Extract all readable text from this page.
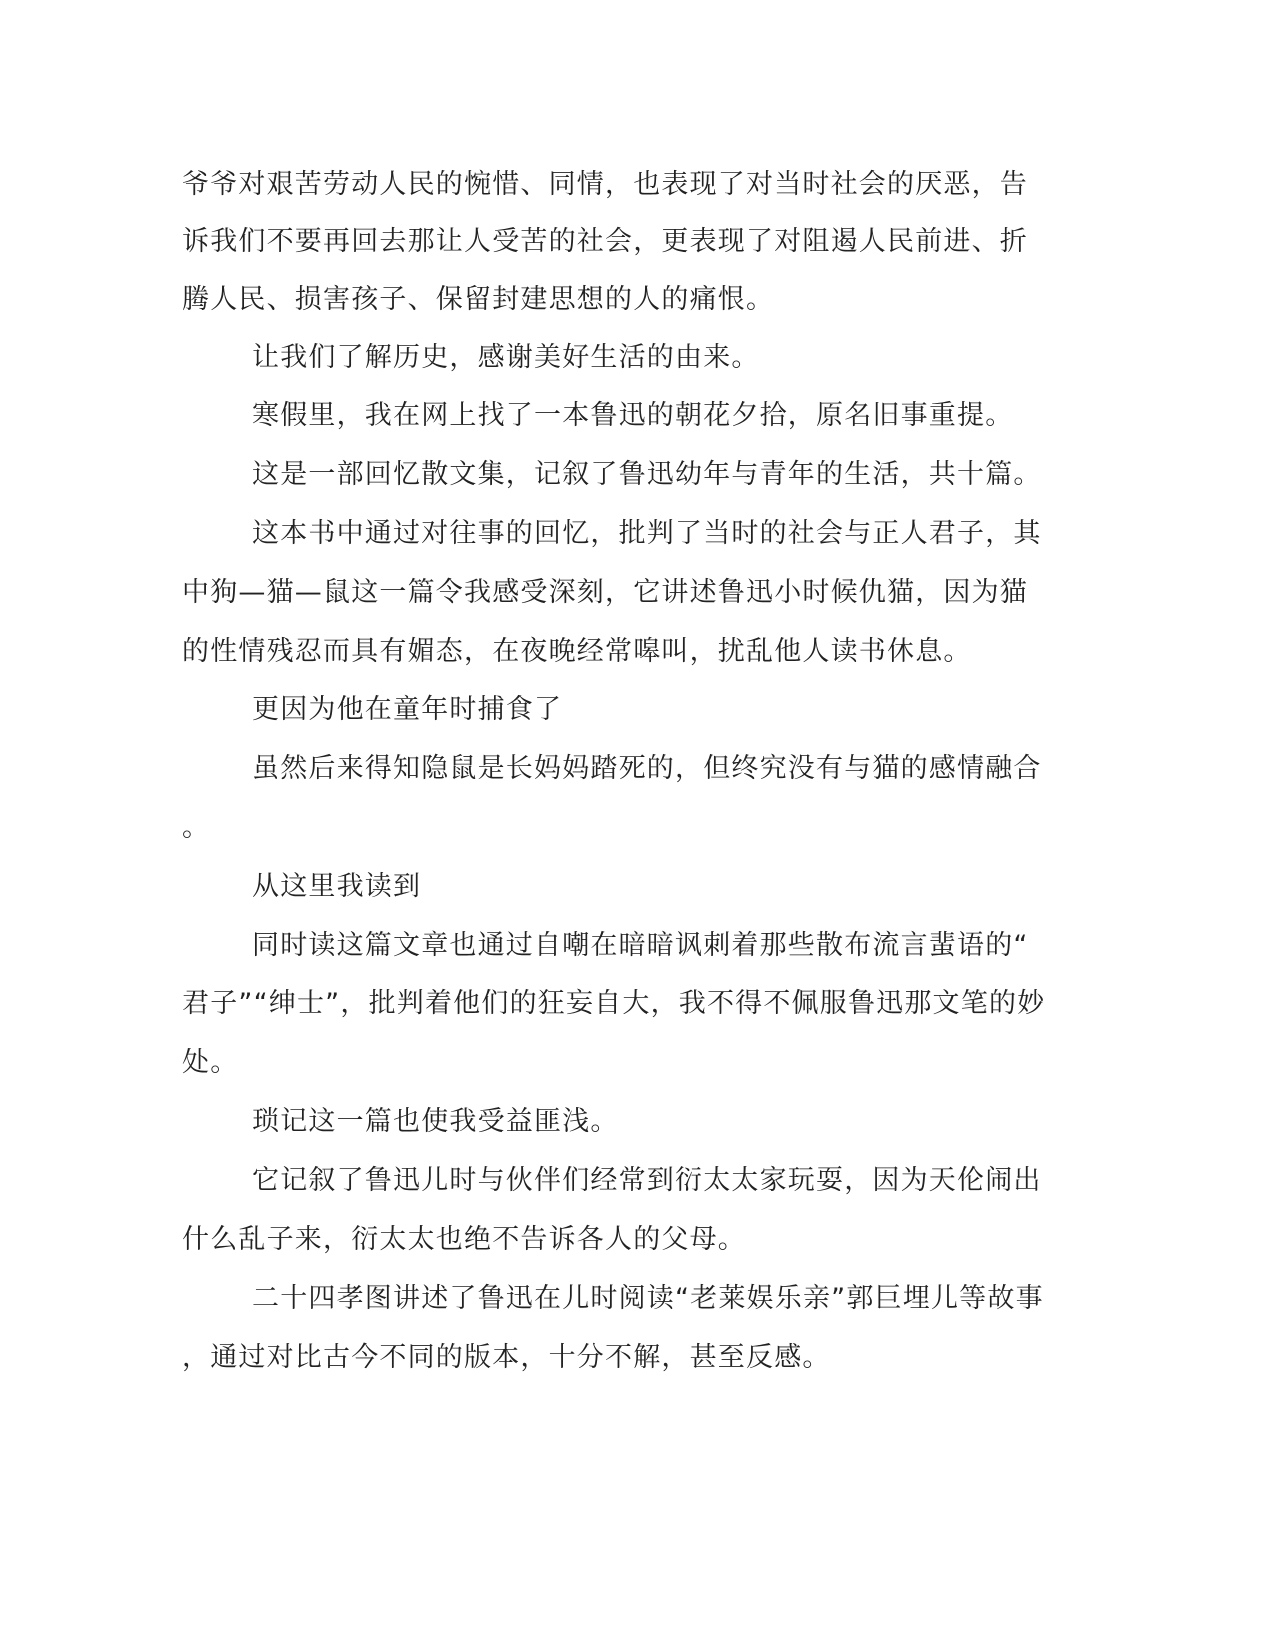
爷爷对艰苦劳动人民的惋惜、同情，也表现了对当时社会的厌恶，告
诉我们不要再回去那让人受苦的社会，更表现了对阻遏人民前进、折
腾人民、损害孩子、保留封建思想的人的痛恨。
让我们了解历史，感谢美好生活的由来。
寒假里，我在网上找了一本鲁迅的朝花夕拾，原名旧事重提。
这是一部回忆散文集，记叙了鲁迅幼年与青年的生活，共十篇。
这本书中通过对往事的回忆，批判了当时的社会与正人君子，其
中狗—猫—鼠这一篇令我感受深刻，它讲述鲁迅小时候仇猫，因为猫
的性情残忍而具有媚态，在夜晚经常嗥叫，扰乱他人读书休息。
更因为他在童年时捕食了
虽然后来得知隐鼠是长妈妈踏死的，但终究没有与猫的感情融合
。
从这里我读到
同时读这篇文章也通过自嘲在暗暗讽刺着那些散布流言蜚语的“
君子”“绅士”，批判着他们的狂妄自大，我不得不佩服鲁迅那文笔的妙
处。
琐记这一篇也使我受益匪浅。
它记叙了鲁迅儿时与伙伴们经常到衍太太家玩耍，因为天伦闹出
什么乱子来，衍太太也绝不告诉各人的父母。
二十四孝图讲述了鲁迅在儿时阅读“老莱娱乐亲”郭巨埋儿等故事
，通过对比古今不同的版本，十分不解，甚至反感。
